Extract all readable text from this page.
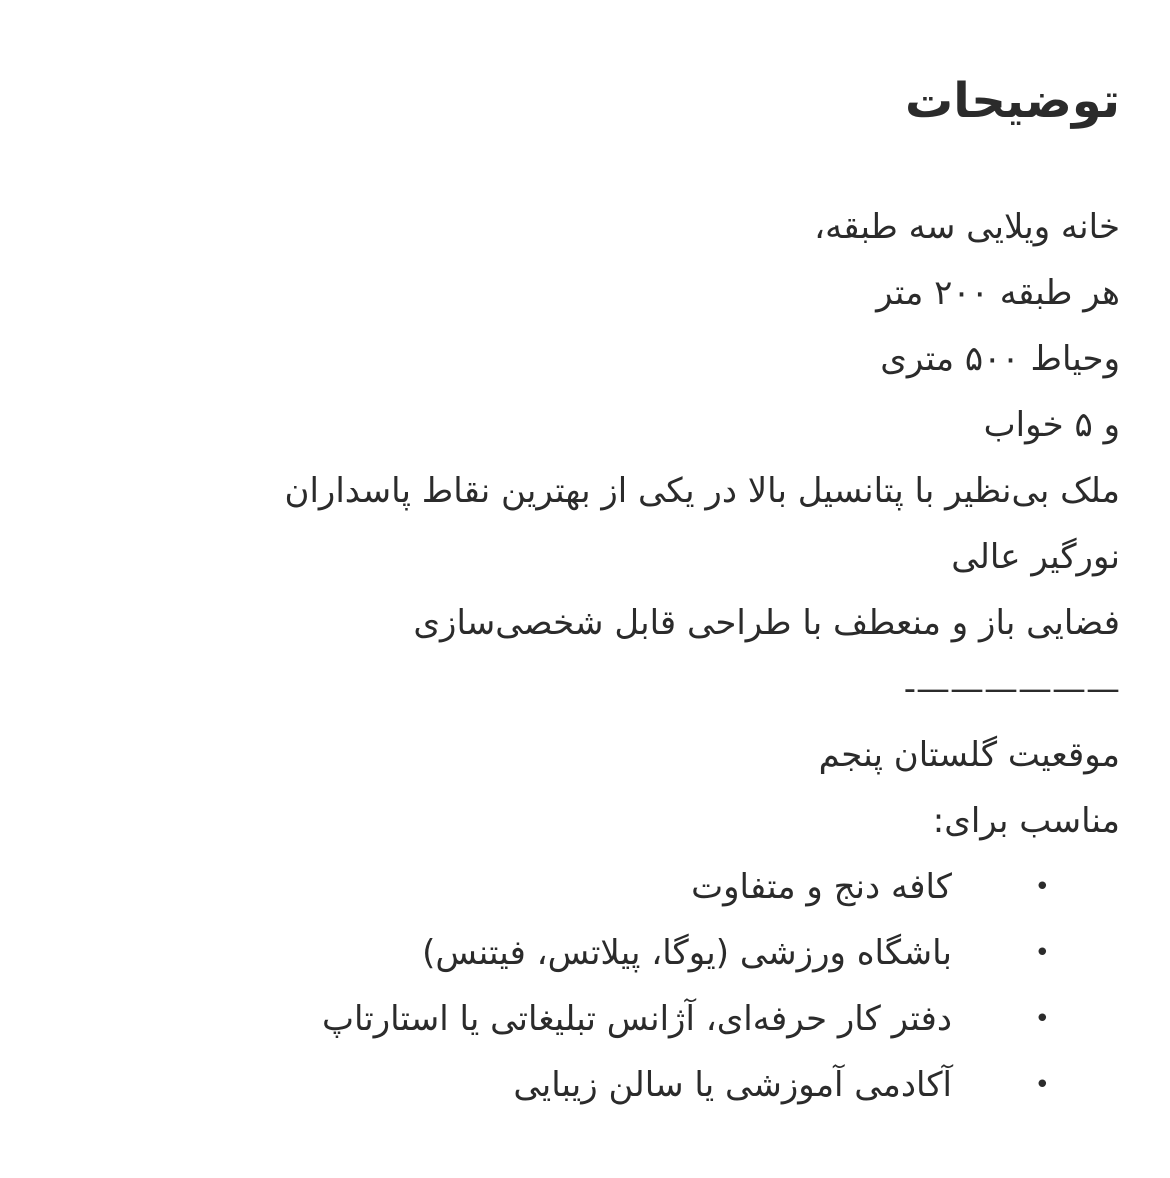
توضیحات
خانه ویلایی سه طبقه،
هر طبقه ۲۰۰ متر
وحیاط ۵۰۰ متری
و ۵ خواب
ملک بی‌نظیر با پتانسیل بالا در یکی از بهترین نقاط پاسداران
نورگیر عالی
فضایی باز و منعطف با طراحی قابل شخصی‌سازی
——————-
موقعیت گلستان پنجم
مناسب برای:
•
کافه دنج و متفاوت
•
باشگاه ورزشی (یوگا، پیلاتس، فیتنس)
•
دفتر کار حرفه‌ای، آژانس تبلیغاتی یا استارتاپ
•
آکادمی آموزشی یا سالن زیبایی
